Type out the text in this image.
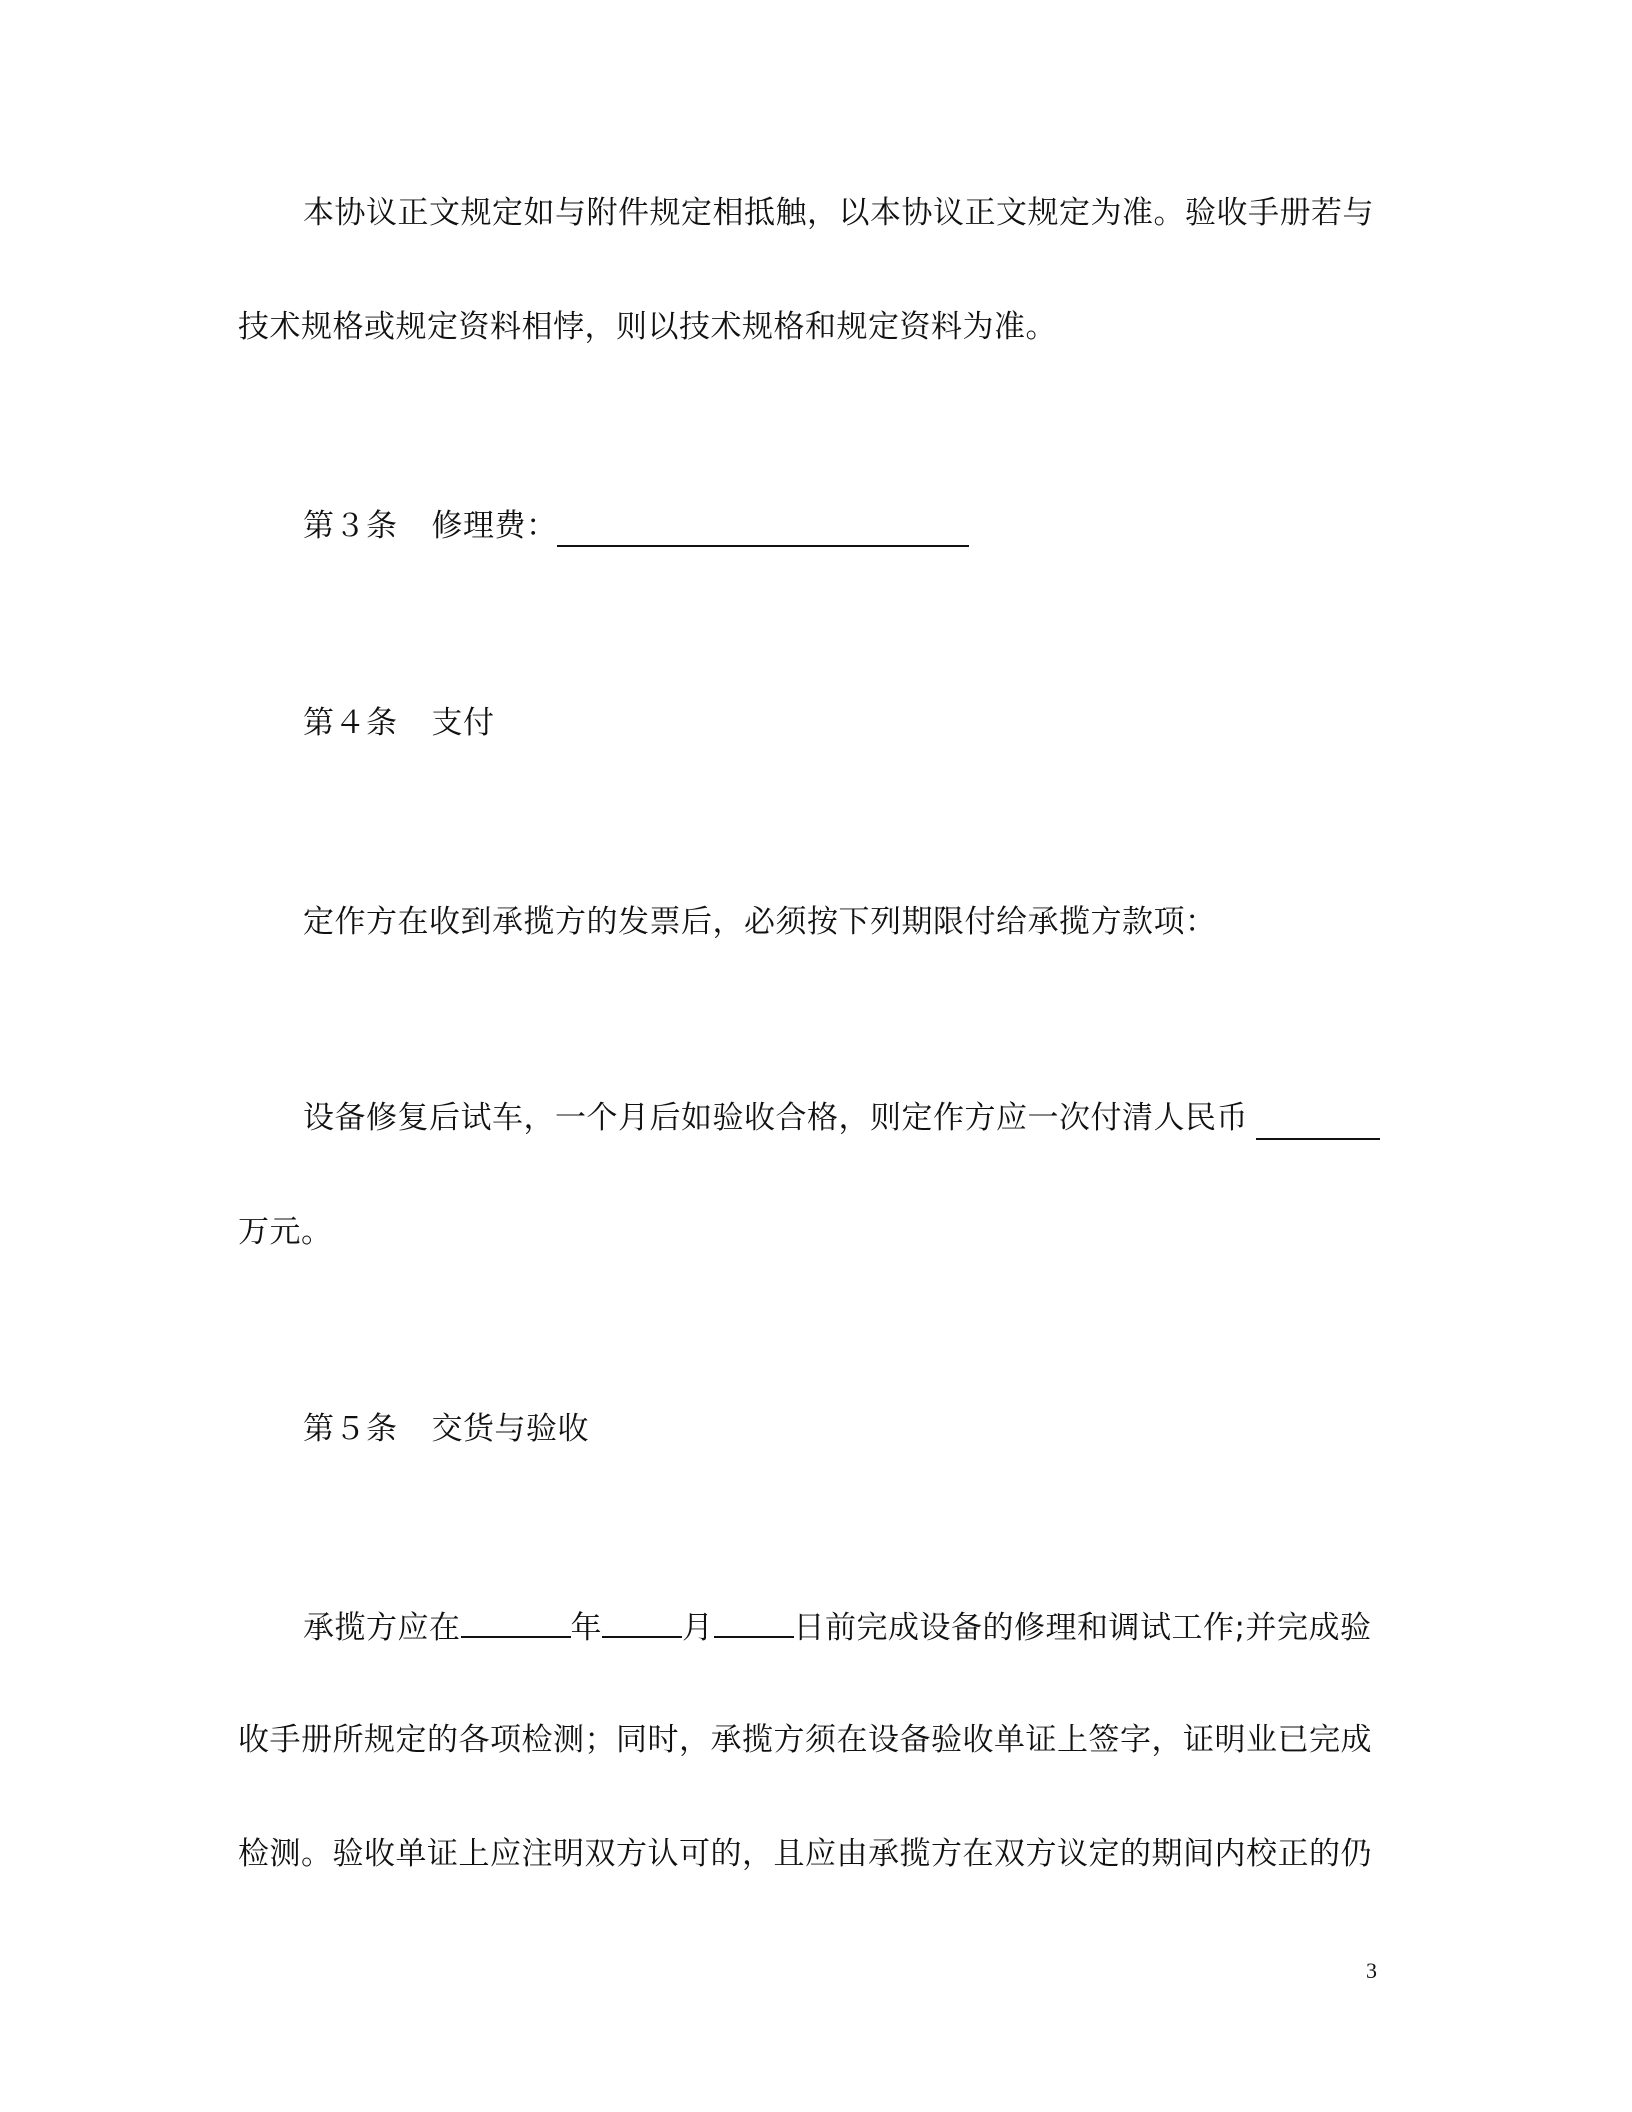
本协议正文规定如与附件规定相抵触，以本协议正文规定为准。验收手册若与
技术规格或规定资料相悖，则以技术规格和规定资料为准。
第３条 修理费：
第４条 支付
定作方在收到承揽方的发票后，必须按下列期限付给承揽方款项：
设备修复后试车，一个月后如验收合格，则定作方应一次付清人民币
万元。
第５条 交货与验收
承揽方应在	年	月	日前完成设备的修理和调试工作;并完成验
收手册所规定的各项检测；同时，承揽方须在设备验收单证上签字，证明业已完成
检测。验收单证上应注明双方认可的，且应由承揽方在双方议定的期间内校正的仍
3
